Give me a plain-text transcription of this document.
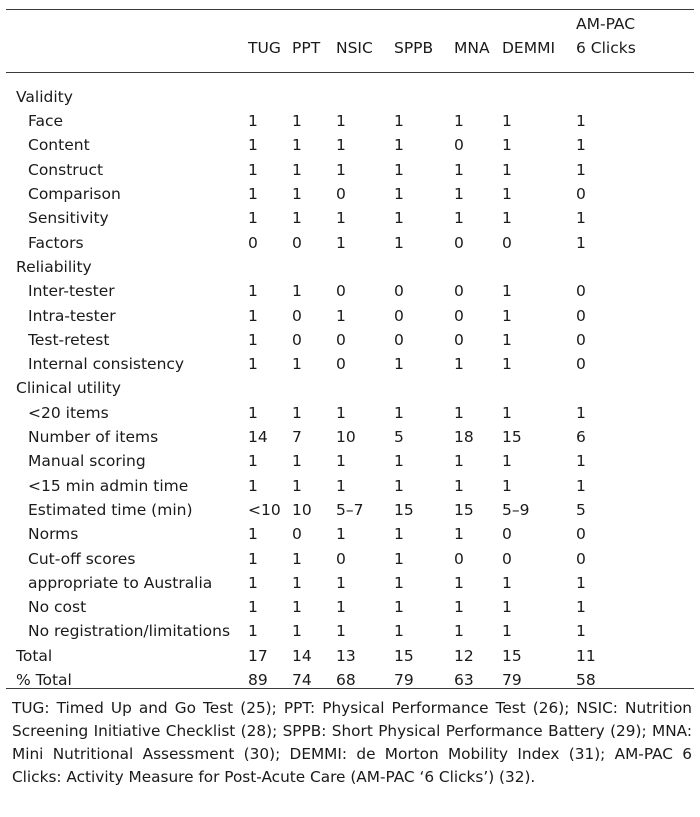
	TUG	PPT	NSIC	SPPB	MNA	DEMMI	AM-PAC
6 Clicks

Validity							
Face	1	1	1	1	1	1	1
Content	1	1	1	1	0	1	1
Construct	1	1	1	1	1	1	1
Comparison	1	1	0	1	1	1	0
Sensitivity	1	1	1	1	1	1	1
Factors	0	0	1	1	0	0	1
Reliability							
Inter-tester	1	1	0	0	0	1	0
Intra-tester	1	0	1	0	0	1	0
Test-retest	1	0	0	0	0	1	0
Internal consistency	1	1	0	1	1	1	0
Clinical utility							
<20 items	1	1	1	1	1	1	1
Number of items	14	7	10	5	18	15	6
Manual scoring	1	1	1	1	1	1	1
<15 min admin time	1	1	1	1	1	1	1
Estimated time (min)	<10	10	5–7	15	15	5–9	5
Norms	1	0	1	1	1	0	0
Cut-off scores	1	1	0	1	0	0	0
appropriate to Australia	1	1	1	1	1	1	1
No cost	1	1	1	1	1	1	1
No registration/limitations	1	1	1	1	1	1	1
Total	17	14	13	15	12	15	11
% Total	89	74	68	79	63	79	58
TUG: Timed Up and Go Test (25); PPT: Physical Performance Test (26); NSIC: Nutrition Screening Initiative Checklist (28); SPPB: Short Physical Performance Battery (29); MNA: Mini Nutritional Assessment (30); DEMMI: de Morton Mobility Index (31); AM-PAC 6 Clicks: Activity Measure for Post-Acute Care (AM-PAC ‘6 Clicks’) (32).
